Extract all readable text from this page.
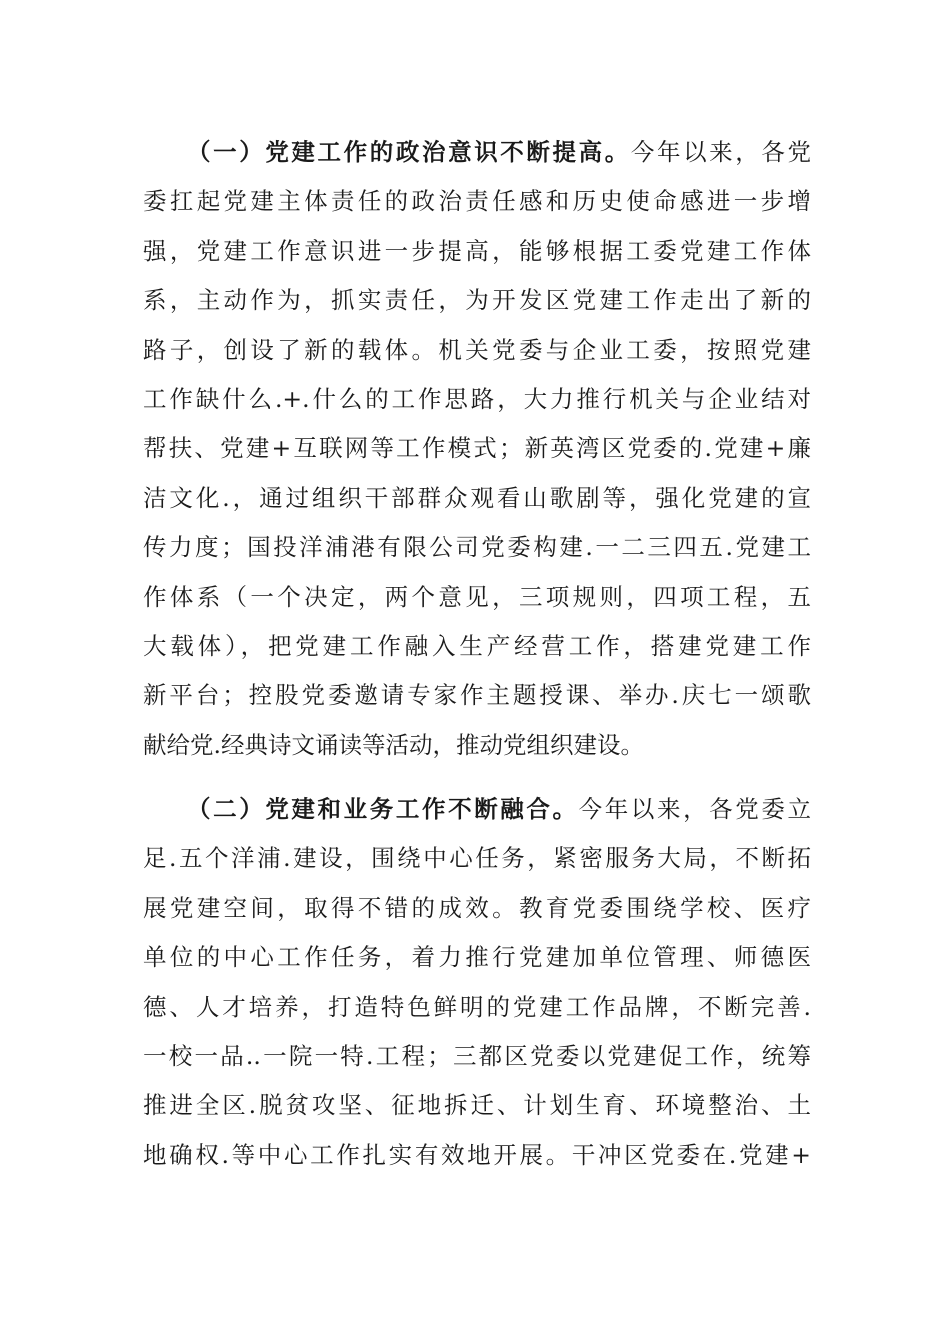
（一）党建工作的政治意识不断提高。今年以来，各党
委扛起党建主体责任的政治责任感和历史使命感进一步增
强，党建工作意识进一步提高，能够根据工委党建工作体
系，主动作为，抓实责任，为开发区党建工作走出了新的
路子，创设了新的载体。机关党委与企业工委，按照党建
工作缺什么.+.什么的工作思路，大力推行机关与企业结对
帮扶、党建+互联网等工作模式；新英湾区党委的.党建+廉
洁文化.，通过组织干部群众观看山歌剧等，强化党建的宣
传力度；国投洋浦港有限公司党委构建.一二三四五.党建工
作体系（一个决定，两个意见，三项规则，四项工程，五
大载体），把党建工作融入生产经营工作，搭建党建工作
新平台；控股党委邀请专家作主题授课、举办.庆七一颂歌
献给党.经典诗文诵读等活动，推动党组织建设。
（二）党建和业务工作不断融合。今年以来，各党委立
足.五个洋浦.建设，围绕中心任务，紧密服务大局，不断拓
展党建空间，取得不错的成效。教育党委围绕学校、医疗
单位的中心工作任务，着力推行党建加单位管理、师德医
德、人才培养，打造特色鲜明的党建工作品牌，不断完善.
一校一品..一院一特.工程；三都区党委以党建促工作，统筹
推进全区.脱贫攻坚、征地拆迁、计划生育、环境整治、土
地确权.等中心工作扎实有效地开展。干冲区党委在.党建+
